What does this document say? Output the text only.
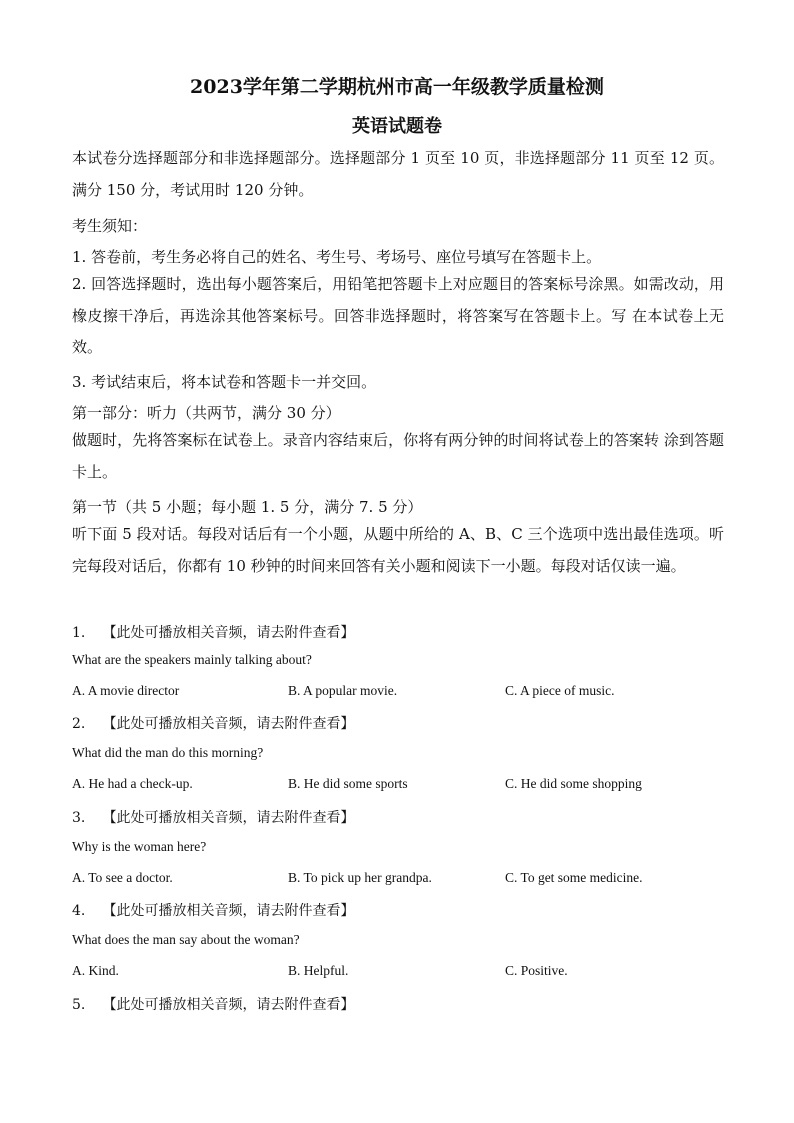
2023学年第二学期杭州市高一年级教学质量检测
英语试题卷

本试卷分选择题部分和非选择题部分。选择题部分 1 页至 10 页，非选择题部分 11 页至 12 页。满分 150 分，考试用时 120 分钟。

考生须知：
1. 答卷前，考生务必将自己的姓名、考生号、考场号、座位号填写在答题卡上。

2. 回答选择题时，选出每小题答案后，用铅笔把答题卡上对应题目的答案标号涂黑。如需改动，用橡皮擦干净后，再选涂其他答案标号。回答非选择题时，将答案写在答题卡上。写 在本试卷上无效。

3. 考试结束后，将本试卷和答题卡一并交回。
第一部分：听力（共两节，满分 30 分）

做题时，先将答案标在试卷上。录音内容结束后，你将有两分钟的时间将试卷上的答案转 涂到答题卡上。

第一节（共 5 小题；每小题 1. 5 分，满分 7. 5 分）

听下面 5 段对话。每段对话后有一个小题，从题中所给的 A、B、C 三个选项中选出最佳选项。听完每段对话后，你都有 10 秒钟的时间来回答有关小题和阅读下一小题。每段对话仅读一遍。

1. 【此处可播放相关音频，请去附件查看】
What are the speakers mainly talking about?
A. A movie director	B. A popular movie.	C. A piece of music.
2. 【此处可播放相关音频，请去附件查看】
What did the man do this morning?
A. He had a check-up.	B. He did some sports	C. He did some shopping
3. 【此处可播放相关音频，请去附件查看】
Why is the woman here?
A. To see a doctor.	B. To pick up her grandpa.	C. To get some medicine.
4. 【此处可播放相关音频，请去附件查看】
What does the man say about the woman?
A. Kind.	B. Helpful.	C. Positive.
5. 【此处可播放相关音频，请去附件查看】
